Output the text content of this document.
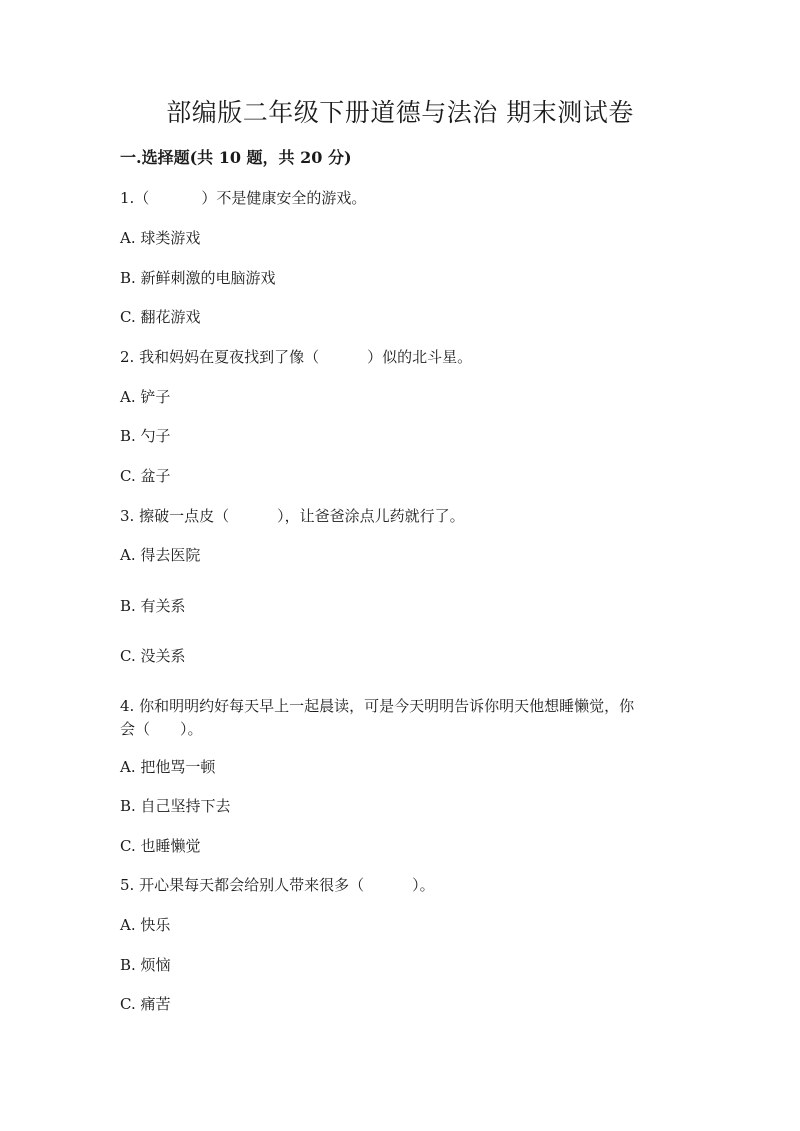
部编版二年级下册道德与法治 期末测试卷
一.选择题(共 10 题，共 20 分)

1.（	）不是健康安全的游戏。

A. 球类游戏

B. 新鲜刺激的电脑游戏

C. 翻花游戏

2. 我和妈妈在夏夜找到了像（	）似的北斗星。

A. 铲子

B. 勺子

C. 盆子

3. 擦破一点皮（	），让爸爸涂点儿药就行了。

A. 得去医院

B. 有关系

C. 没关系

4. 你和明明约好每天早上一起晨读，可是今天明明告诉你明天他想睡懒觉，你

会（ ）。

A. 把他骂一顿

B. 自己坚持下去

C. 也睡懒觉

5. 开心果每天都会给别人带来很多（	）。

A. 快乐

B. 烦恼

C. 痛苦
